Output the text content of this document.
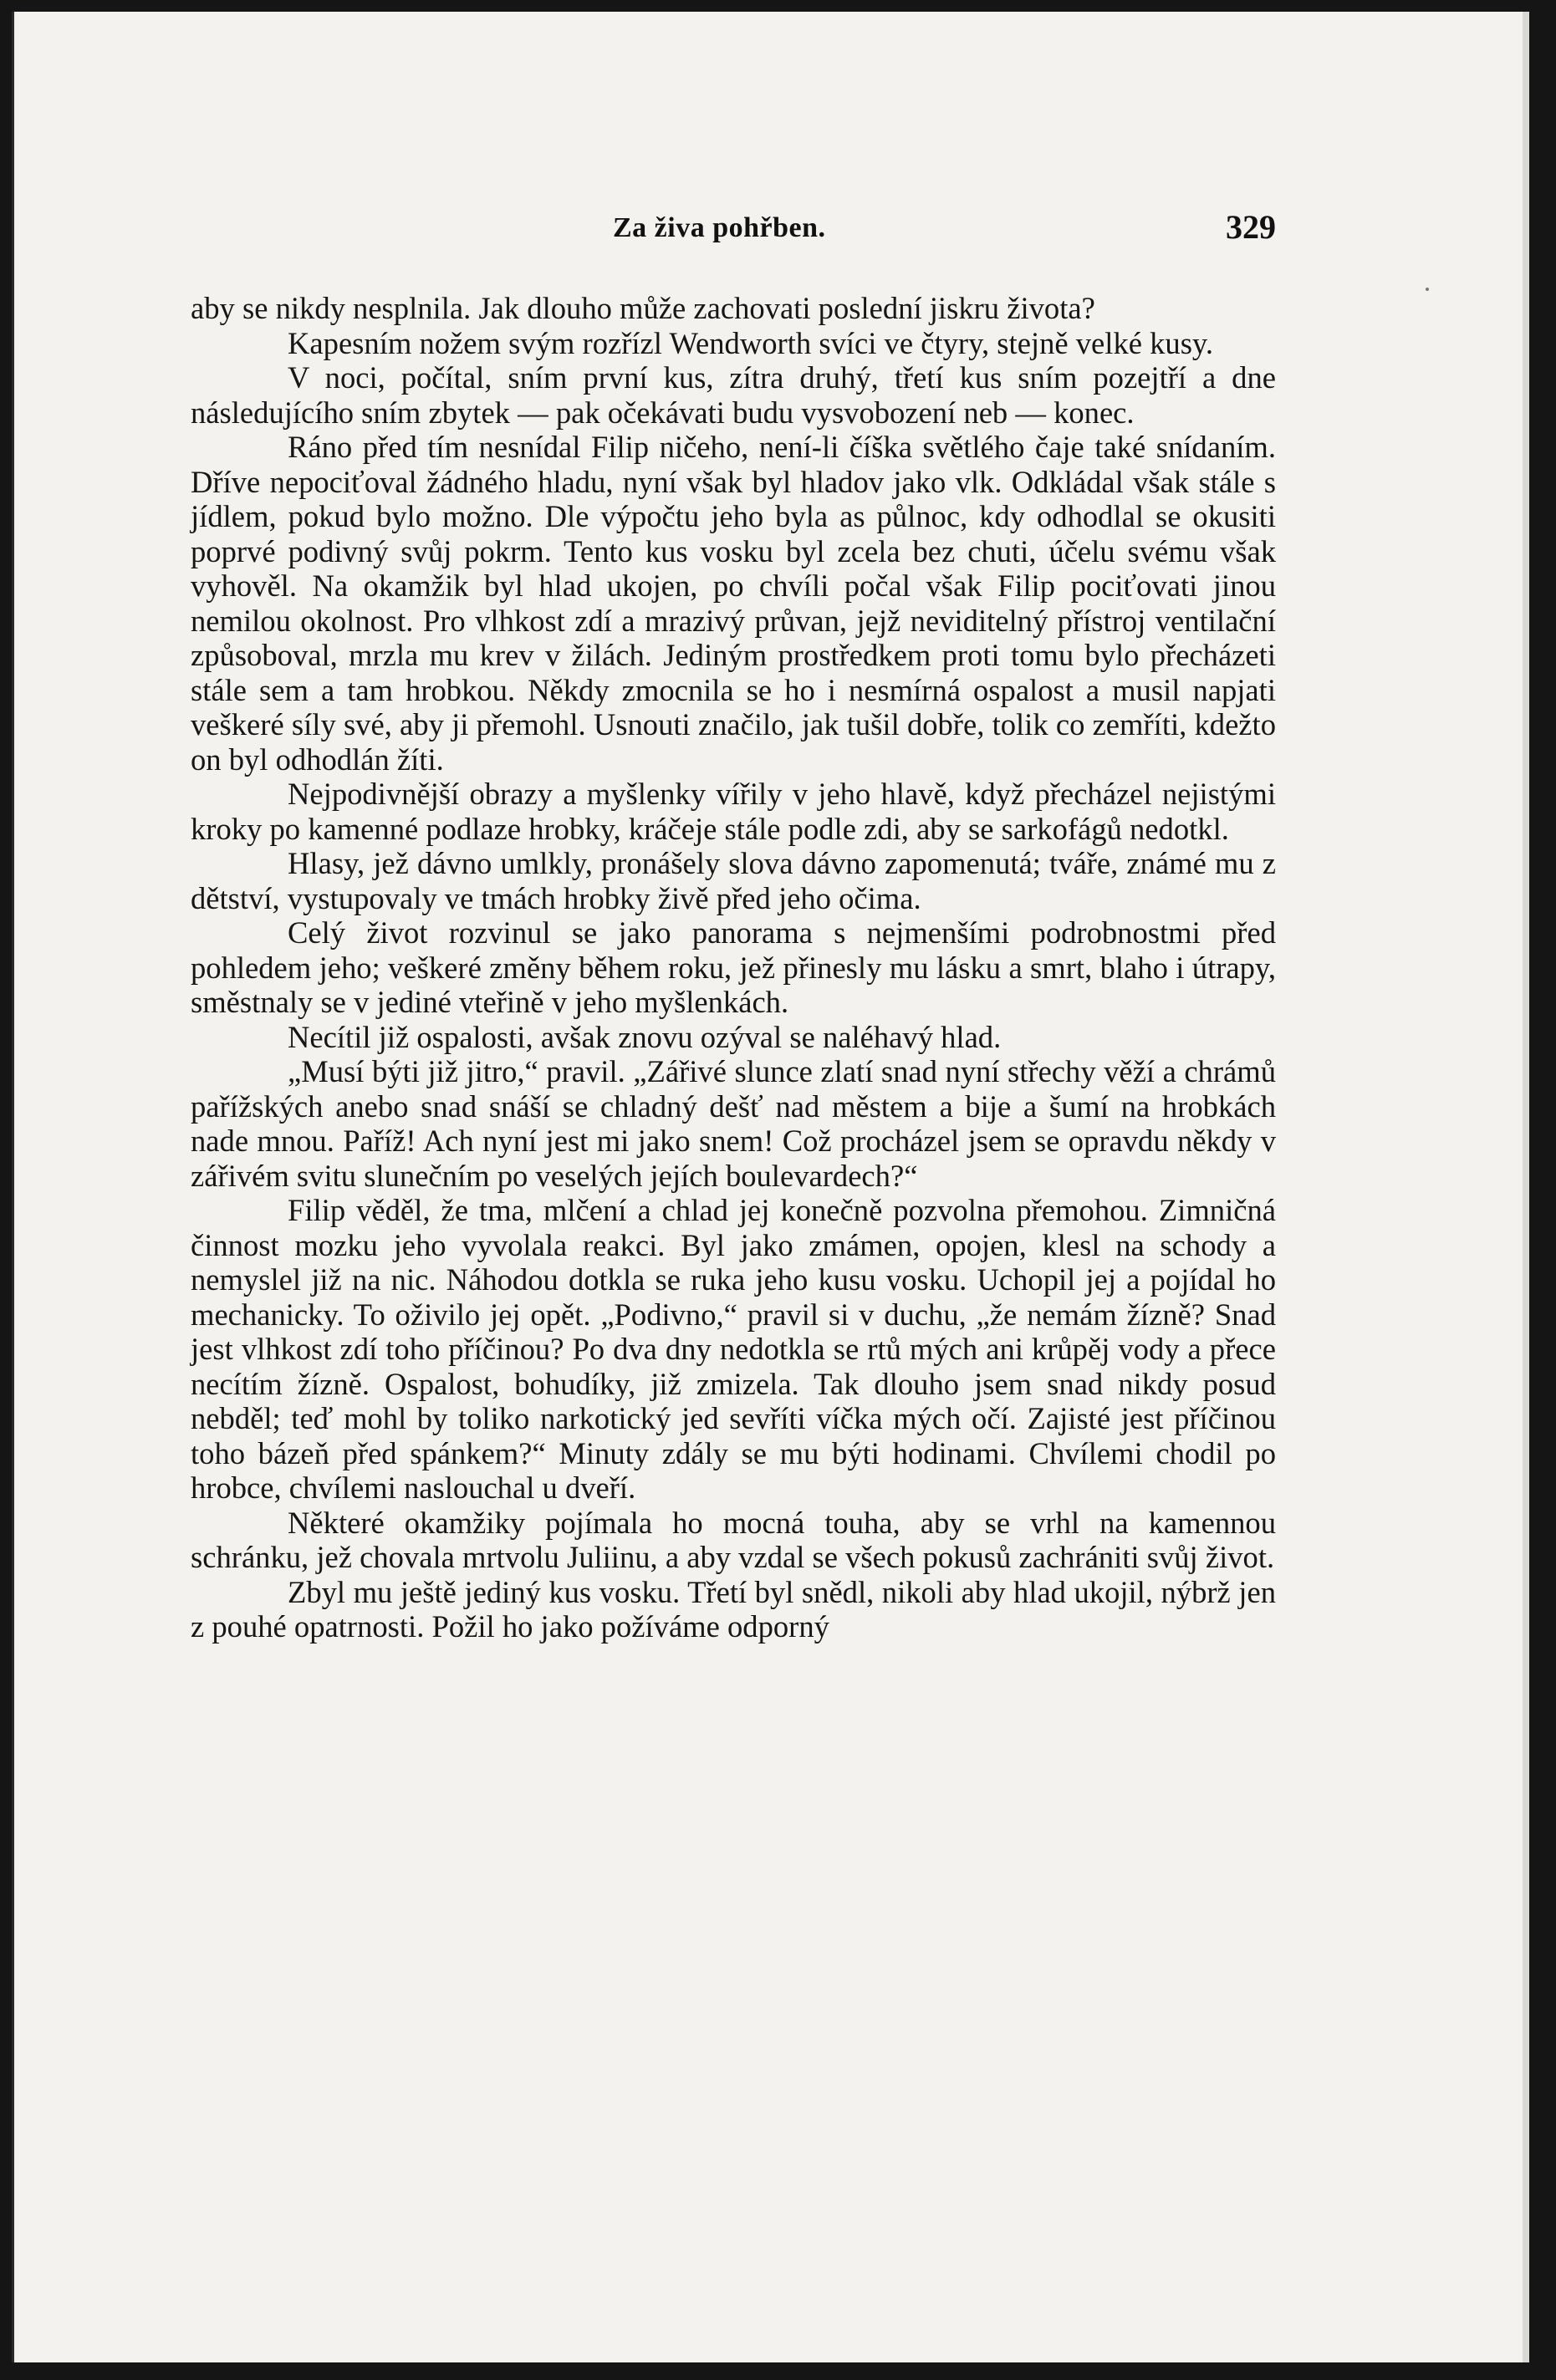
Za živa pohřben.	329

aby se nikdy nesplnila. Jak dlouho může zachovati poslední jiskru života?

Kapesním nožem svým rozřízl Wendworth svíci ve čtyry, stejně velké kusy.

V noci, počítal, sním první kus, zítra druhý, třetí kus sním pozejtří a dne následujícího sním zbytek — pak očekávati budu vysvobození neb — konec.

Ráno před tím nesnídal Filip ničeho, není-li číška světlého čaje také snídaním. Dříve nepociťoval žádného hladu, nyní však byl hladov jako vlk. Odkládal však stále s jídlem, pokud bylo možno. Dle výpočtu jeho byla as půlnoc, kdy odhodlal se okusiti poprvé podivný svůj pokrm. Tento kus vosku byl zcela bez chuti, účelu svému však vyhověl. Na okamžik byl hlad ukojen, po chvíli počal však Filip pociťovati jinou nemilou okolnost. Pro vlhkost zdí a mrazivý průvan, jejž neviditelný přístroj ventilační způsoboval, mrzla mu krev v žilách. Jediným prostředkem proti tomu bylo přecházeti stále sem a tam hrobkou. Někdy zmocnila se ho i nesmírná ospalost a musil napjati veškeré síly své, aby ji přemohl. Usnouti značilo, jak tušil dobře, tolik co zemříti, kdežto on byl odhodlán žíti.

Nejpodivnější obrazy a myšlenky vířily v jeho hlavě, když přecházel nejistými kroky po kamenné podlaze hrobky, kráčeje stále podle zdi, aby se sarkofágů nedotkl.

Hlasy, jež dávno umlkly, pronášely slova dávno zapomenutá; tváře, známé mu z dětství, vystupovaly ve tmách hrobky živě před jeho očima.

Celý život rozvinul se jako panorama s nejmenšími podrobnostmi před pohledem jeho; veškeré změny během roku, jež přinesly mu lásku a smrt, blaho i útrapy, směstnaly se v jediné vteřině v jeho myšlenkách.

Necítil již ospalosti, avšak znovu ozýval se naléhavý hlad.

„Musí býti již jitro,“ pravil. „Zářivé slunce zlatí snad nyní střechy věží a chrámů pařížských anebo snad snáší se chladný dešť nad městem a bije a šumí na hrobkách nade mnou. Paříž! Ach nyní jest mi jako snem! Což procházel jsem se opravdu někdy v zářivém svitu slunečním po veselých jejích boulevardech?“

Filip věděl, že tma, mlčení a chlad jej konečně pozvolna přemohou. Zimničná činnost mozku jeho vyvolala reakci. Byl jako zmámen, opojen, klesl na schody a nemyslel již na nic. Náhodou dotkla se ruka jeho kusu vosku. Uchopil jej a pojídal ho mechanicky. To oživilo jej opět. „Podivno,“ pravil si v duchu, „že nemám žízně? Snad jest vlhkost zdí toho příčinou? Po dva dny nedotkla se rtů mých ani krůpěj vody a přece necítím žízně. Ospalost, bohudíky, již zmizela. Tak dlouho jsem snad nikdy posud nebděl; teď mohl by toliko narkotický jed sevříti víčka mých očí. Zajisté jest příčinou toho bázeň před spánkem?“ Minuty zdály se mu býti hodinami. Chvílemi chodil po hrobce, chvílemi naslouchal u dveří.

Některé okamžiky pojímala ho mocná touha, aby se vrhl na kamennou schránku, jež chovala mrtvolu Juliinu, a aby vzdal se všech pokusů zachrániti svůj život.

Zbyl mu ještě jediný kus vosku. Třetí byl snědl, nikoli aby hlad ukojil, nýbrž jen z pouhé opatrnosti. Požil ho jako požíváme odporný
